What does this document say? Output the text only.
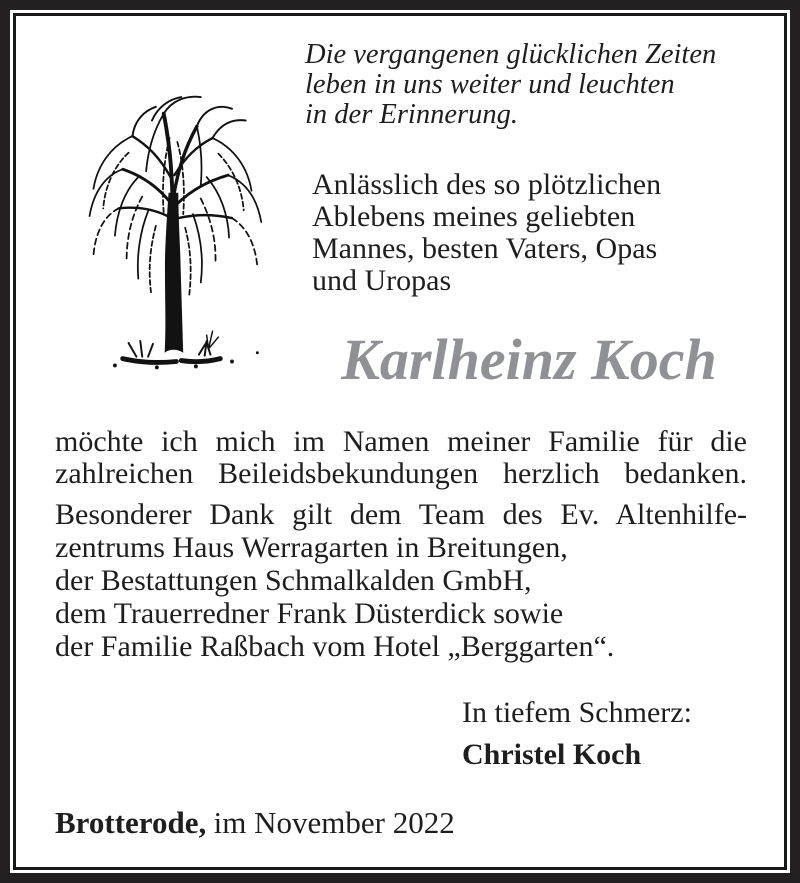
Die vergangenen glücklichen Zeiten
leben in uns weiter und leuchten
in der Erinnerung.
Anlässlich des so plötzlichen
Ablebens meines geliebten
Mannes, besten Vaters, Opas
und Uropas
Karlheinz Koch
möchte ich mich im Namen meiner Familie für die
zahlreichen Beileidsbekundungen herzlich bedanken.
Besonderer Dank gilt dem Team des Ev. Altenhilfe-
zentrums Haus Werragarten in Breitungen,
der Bestattungen Schmalkalden GmbH,
dem Trauerredner Frank Düsterdick sowie
der Familie Raßbach vom Hotel „Berggarten“.
In tiefem Schmerz:
Christel Koch
Brotterode, im November 2022
